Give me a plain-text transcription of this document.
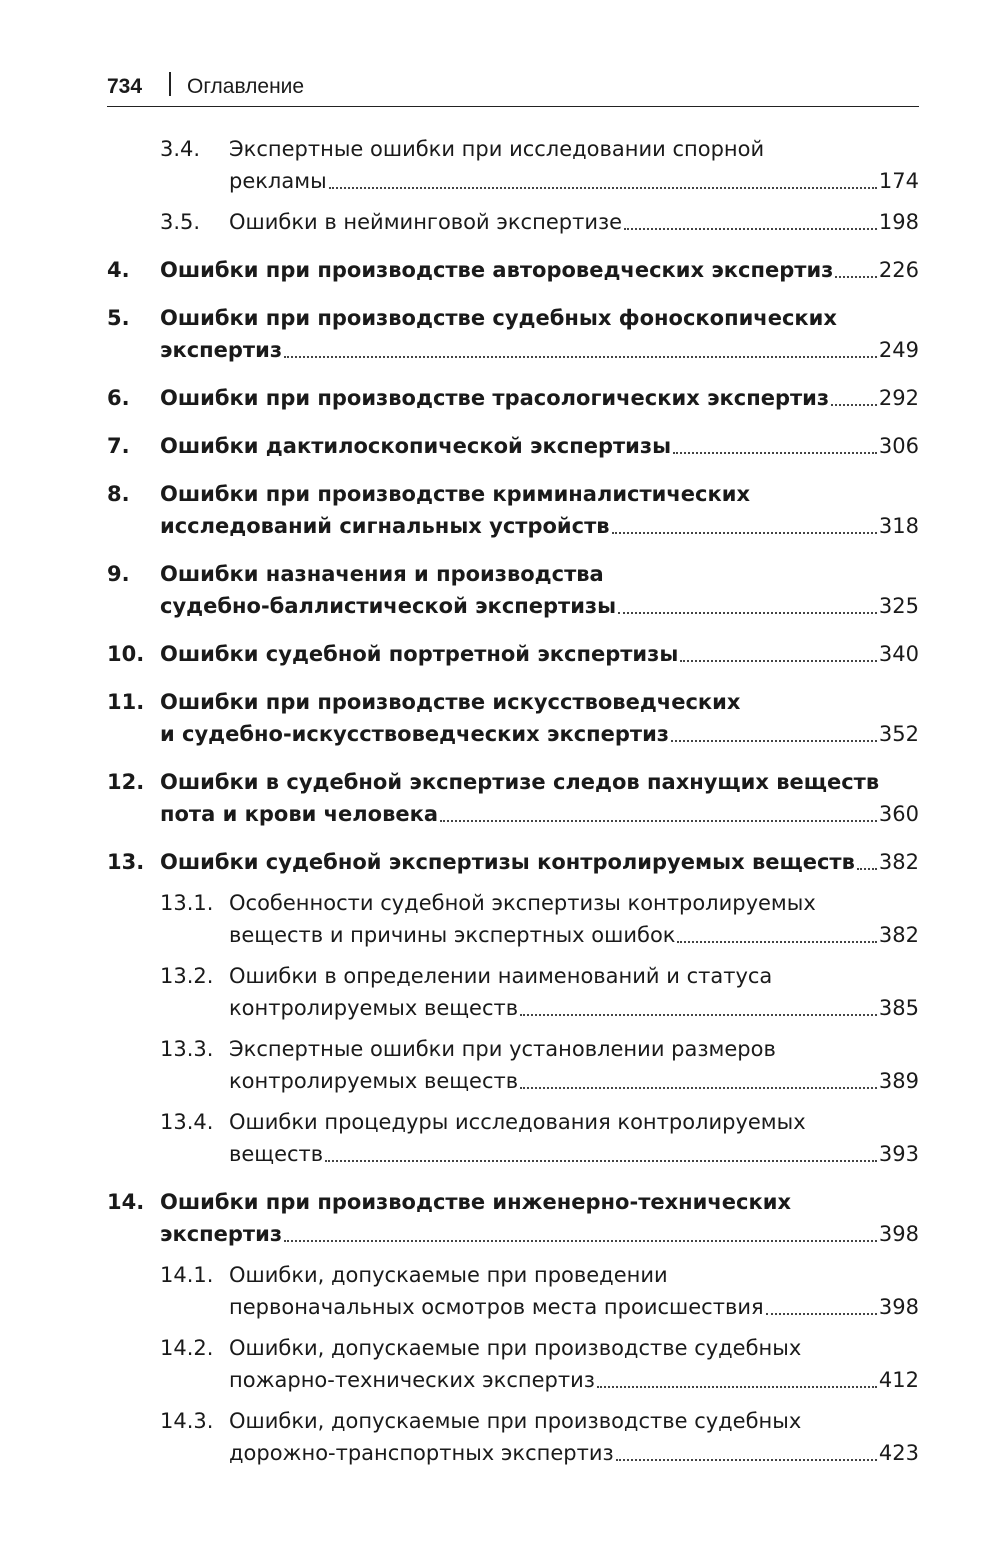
734 Оглавление
3.4. Экспертные ошибки при исследовании спорной
рекламы	174
3.5. Ошибки в нейминговой экспертизе	198
4. Ошибки при производстве автороведческих экспертиз 226
5. Ошибки при производстве судебных фоноскопических
экспертиз	249
6. Ошибки при производстве трасологических экспертиз 292
7. Ошибки дактилоскопической экспертизы	306
8. Ошибки при производстве криминалистических
исследований сигнальных устройств	318
9. Ошибки назначения и производства
судебно-баллистической экспертизы	325
10. Ошибки судебной портретной экспертизы	340
11. Ошибки при производстве искусствоведческих
и судебно-искусствоведческих экспертиз	352
12. Ошибки в судебной экспертизе следов пахнущих веществ
пота и крови человека	360
13. Ошибки судебной экспертизы контролируемых веществ 382
13.1. Особенности судебной экспертизы контролируемых
веществ и причины экспертных ошибок	382
13.2. Ошибки в определении наименований и статуса
контролируемых веществ	385
13.3. Экспертные ошибки при установлении размеров
контролируемых веществ	389
13.4. Ошибки процедуры исследования контролируемых
веществ	393
14. Ошибки при производстве инженерно-технических
экспертиз	398
14.1. Ошибки, допускаемые при проведении
первоначальных осмотров места происшествия	398
14.2. Ошибки, допускаемые при производстве судебных
пожарно-технических экспертиз	412
14.3. Ошибки, допускаемые при производстве судебных
дорожно-транспортных экспертиз	423
